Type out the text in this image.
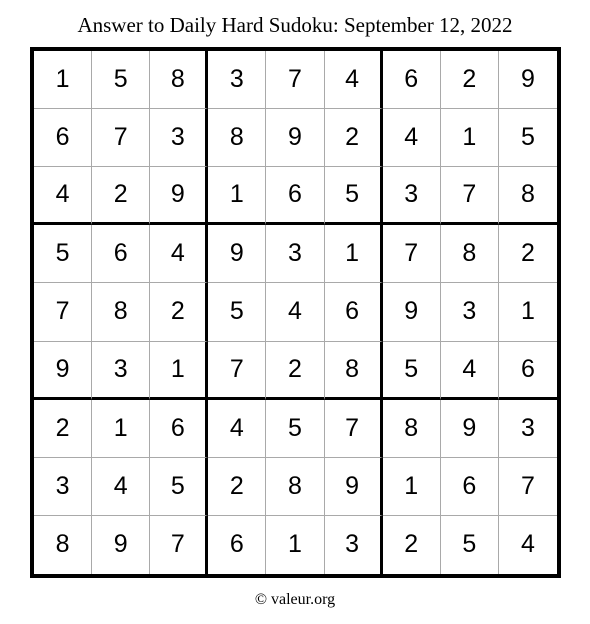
Answer to Daily Hard Sudoku: September 12, 2022
1	5	8	3	7	4	6	2	9
6	7	3	8	9	2	4	1	5
4	2	9	1	6	5	3	7	8
5	6	4	9	3	1	7	8	2
7	8	2	5	4	6	9	3	1
9	3	1	7	2	8	5	4	6
2	1	6	4	5	7	8	9	3
3	4	5	2	8	9	1	6	7
8	9	7	6	1	3	2	5	4
© valeur.org
